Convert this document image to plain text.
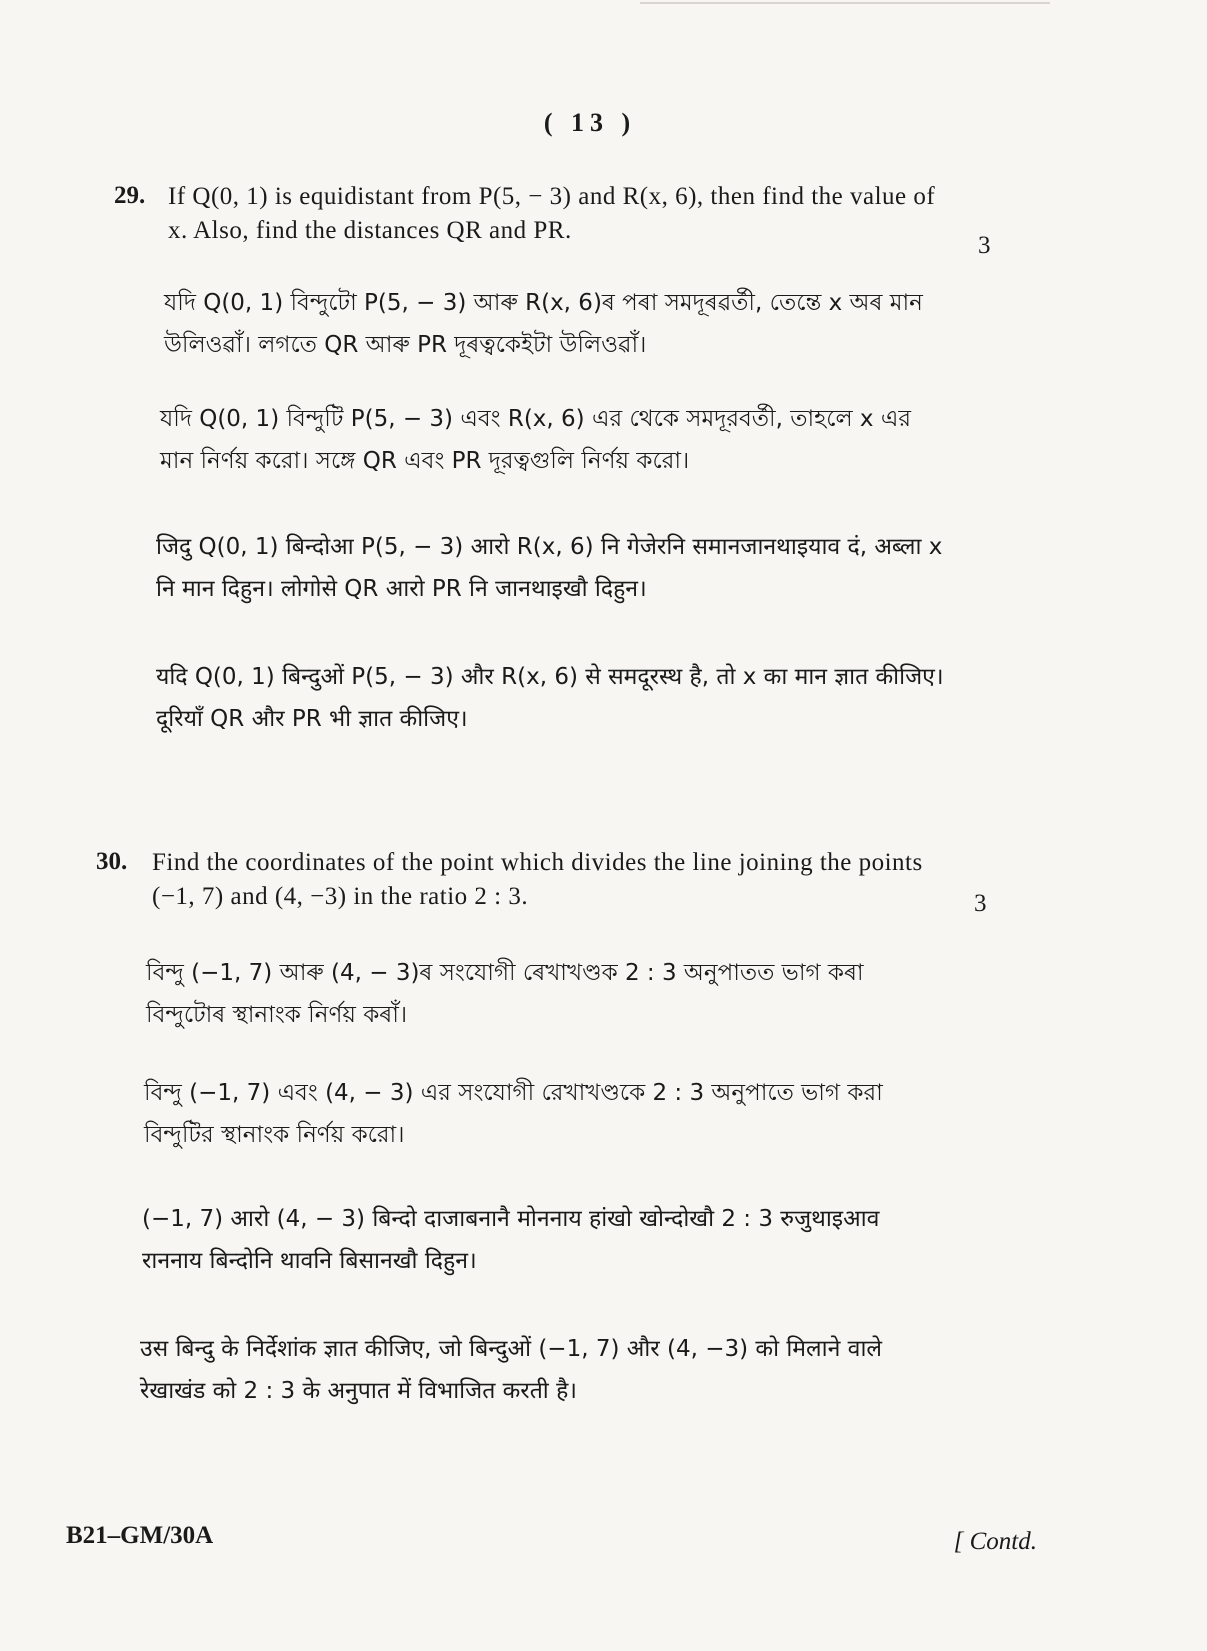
( 13 )
29. If Q(0, 1) is equidistant from P(5, − 3) and R(x, 6), then find the value of x. Also, find the distances QR and PR.
3
যদি Q(0, 1) বিন্দুটো P(5, − 3) আৰু R(x, 6)ৰ পৰা সমদূৰৱৰ্তী, তেন্তে x অৰ মান উলিওৱাঁ। লগতে QR আৰু PR দূৰত্বকেইটা উলিওৱাঁ।
যদি Q(0, 1) বিন্দুটি P(5, − 3) এবং R(x, 6) এর থেকে সমদূরবর্তী, তাহলে x এর মান নির্ণয় করো। সঙ্গে QR এবং PR দূরত্বগুলি নির্ণয় করো।
जिदु Q(0, 1) बिन्दोआ P(5, − 3) आरो R(x, 6) नि गेजेरनि समानजानथाइयाव दं, अब्ला x नि मान दिहुन। लोगोसे QR आरो PR नि जानथाइखौ दिहुन।
यदि Q(0, 1) बिन्दुओं P(5, − 3) और R(x, 6) से समदूरस्थ है, तो x का मान ज्ञात कीजिए। दूरियाँ QR और PR भी ज्ञात कीजिए।
30. Find the coordinates of the point which divides the line joining the points (−1, 7) and (4, −3) in the ratio 2 : 3.	3
বিন্দু (−1, 7) আৰু (4, − 3)ৰ সংযোগী ৰেখাখণ্ডক 2 : 3 অনুপাতত ভাগ কৰা বিন্দুটোৰ স্থানাংক নিৰ্ণয় কৰাঁ।
বিন্দু (−1, 7) এবং (4, − 3) এর সংযোগী রেখাখণ্ডকে 2 : 3 অনুপাতে ভাগ করা বিন্দুটির স্থানাংক নির্ণয় করো।
(−1, 7) आरो (4, − 3) बिन्दो दाजाबनानै मोननाय हांखो खोन्दोखौ 2 : 3 रुजुथाइआव राननाय बिन्दोनि थावनि बिसानखौ दिहुन।
उस बिन्दु के निर्देशांक ज्ञात कीजिए, जो बिन्दुओं (−1, 7) और (4, −3) को मिलाने वाले रेखाखंड को 2 : 3 के अनुपात में विभाजित करती है।
B21–GM/30A	[ Contd.
